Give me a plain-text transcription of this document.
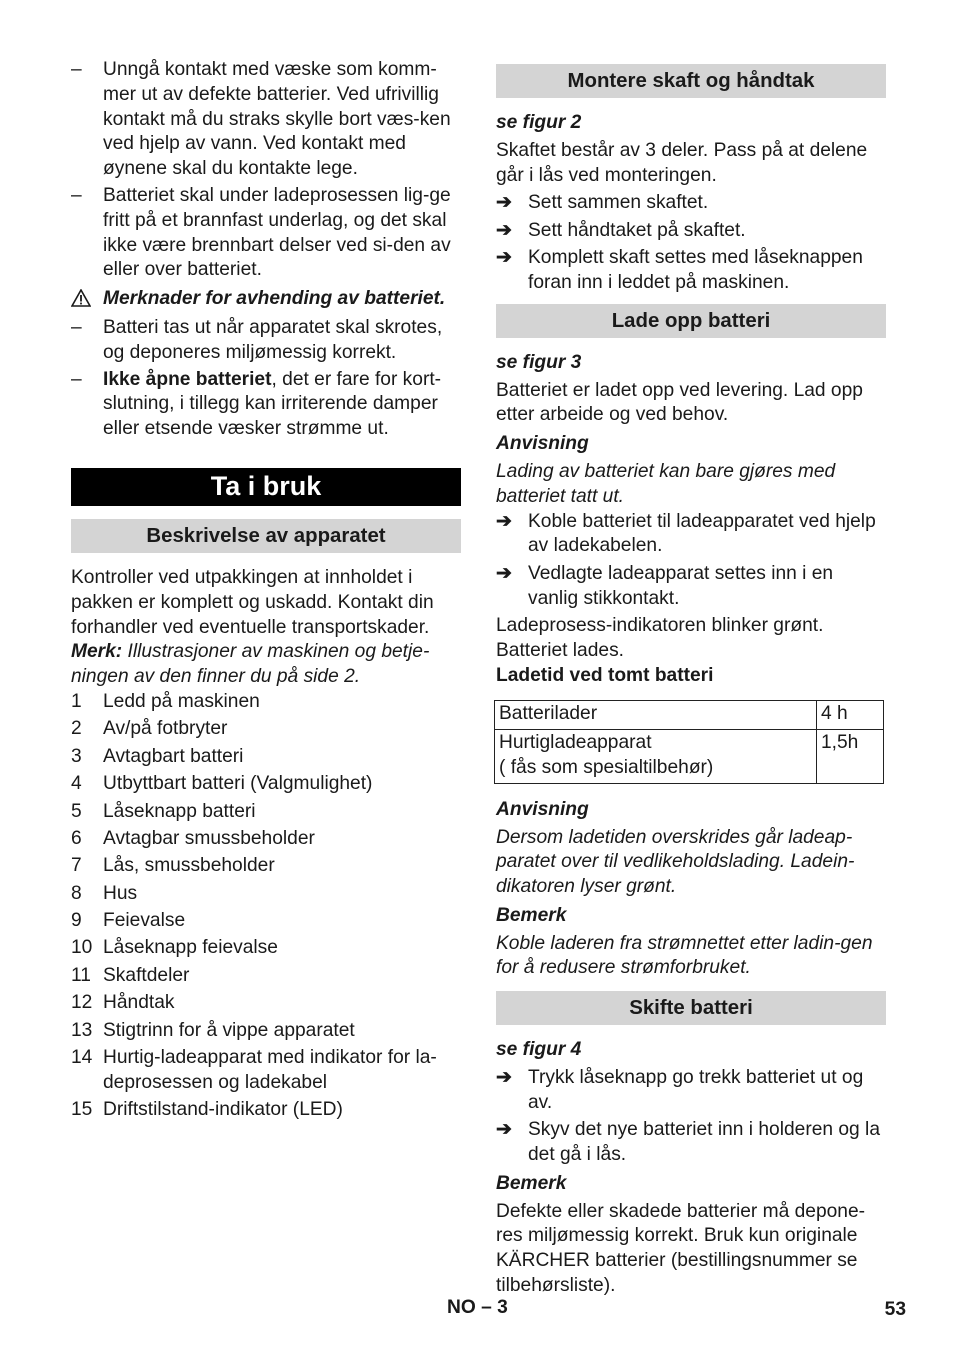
– Unngå kontakt med væske som komm-mer ut av defekte batterier. Ved ufrivillig kontakt må du straks skylle bort væs-ken ved hjelp av vann. Ved kontakt med øynene skal du kontakte lege.

– Batteriet skal under ladeprosessen lig-ge fritt på et brannfast underlag, og det skal ikke være brennbart delser ved si-den av eller over batteriet.

Merknader for avhending av batteriet.
– Batteri tas ut når apparatet skal skrotes, og deponeres miljømessig korrekt.

– Ikke åpne batteriet, det er fare for kort-slutning, i tillegg kan irriterende damper eller etsende væsker strømme ut.

Ta i bruk
Beskrivelse av apparatet

Kontroller ved utpakkingen at innholdet i pakken er komplett og uskadd. Kontakt din forhandler ved eventuelle transportskader.

Merk: Illustrasjoner av maskinen og betje-ningen av den finner du på side 2.

1 Ledd på maskinen

2 Av/på fotbryter

3 Avtagbart batteri

4 Utbyttbart batteri (Valgmulighet)

5 Låseknapp batteri

6 Avtagbar smussbeholder

7 Lås, smussbeholder

8 Hus

9 Feievalse

10 Låseknapp feievalse

11 Skaftdeler

12 Håndtak

13 Stigtrinn for å vippe apparatet

14 Hurtig-ladeapparat med indikator for la-deprosessen og ladekabel

15 Driftstilstand-indikator (LED)

Montere skaft og håndtak

se figur 2

Skaftet består av 3 deler. Pass på at delene går i lås ved monteringen.

➔ Sett sammen skaftet.

➔ Sett håndtaket på skaftet.

➔ Komplett skaft settes med låseknappen foran inn i leddet på maskinen.

Lade opp batteri

se figur 3

Batteriet er ladet opp ved levering. Lad opp etter arbeide og ved behov.

Anvisning

Lading av batteriet kan bare gjøres med batteriet tatt ut.

➔ Koble batteriet til ladeapparatet ved hjelp av ladekabelen.

➔ Vedlagte ladeapparat settes inn i en vanlig stikkontakt.

Ladeprosess-indikatoren blinker grønt. Batteriet lades.

Ladetid ved tomt batteri

Batterilader	4 h
Hurtigladeapparat
( fås som spesialtilbehør)	1,5h

Anvisning

Dersom ladetiden overskrides går ladeap-paratet over til vedlikeholdslading. Ladein-dikatoren lyser grønt.

Bemerk

Koble laderen fra strømnettet etter ladin-gen for å redusere strømforbruket.

Skifte batteri

se figur 4

➔ Trykk låseknapp go trekk batteriet ut og av.

➔ Skyv det nye batteriet inn i holderen og la det gå i lås.

Bemerk

Defekte eller skadede batterier må depone-res miljømessig korrekt. Bruk kun originale KÄRCHER batterier (bestillingsnummer se tilbehørsliste).

NO – 3	53
